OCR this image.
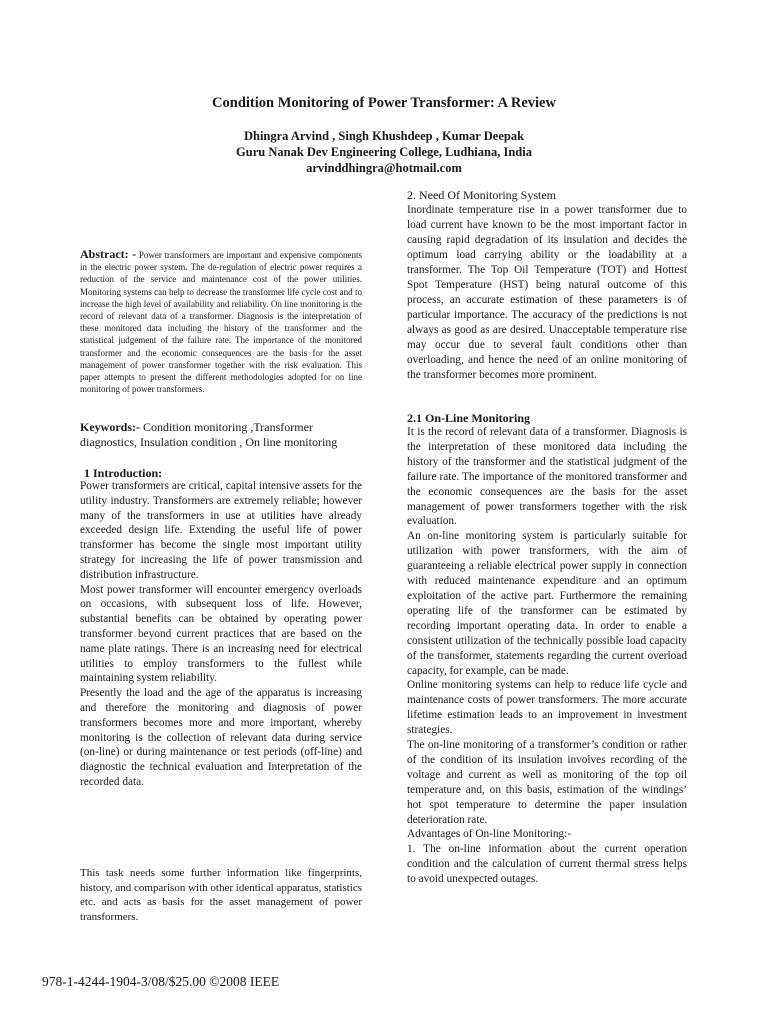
Condition Monitoring of Power Transformer: A Review
Dhingra Arvind , Singh Khushdeep , Kumar Deepak
Guru Nanak Dev Engineering College, Ludhiana, India
arvinddhingra@hotmail.com
Abstract: - Power transformers are important and expensive components in the electric power system. The de-regulation of electric power requires a reduction of the service and maintenance cost of the power utilities. Monitoring systems can help to decrease the transformer life cycle cost and to increase the high level of availability and reliability. On line monitoring is the record of relevant data of a transformer. Diagnosis is the interpretation of these monitored data including the history of the transformer and the statistical judgement of the failure rate. The importance of the monitored transformer and the economic consequences are the basis for the asset management of power transformer together with the risk evaluation. This paper attempts to present the different methodologies adopted for on line monitoring of power transformers.
Keywords:- Condition monitoring ,Transformer diagnostics, Insulation condition , On line monitoring
1 Introduction:

Power transformers are critical, capital intensive assets for the utility industry. Transformers are extremely reliable; however many of the transformers in use at utilities have already exceeded design life. Extending the useful life of power transformer has become the single most important utility strategy for increasing the life of power transmission and distribution infrastructure.

Most power transformer will encounter emergency overloads on occasions, with subsequent loss of life. However, substantial benefits can be obtained by operating power transformer beyond current practices that are based on the name plate ratings. There is an increasing need for electrical utilities to employ transformers to the fullest while maintaining system reliability.

Presently the load and the age of the apparatus is increasing and therefore the monitoring and diagnosis of power transformers becomes more and more important, whereby monitoring is the collection of relevant data during service (on-line) or during maintenance or test periods (off-line) and diagnostic the technical evaluation and Interpretation of the recorded data.

This task needs some further information like fingerprints, history, and comparison with other identical apparatus, statistics etc. and acts as basis for the asset management of power transformers.
2. Need Of Monitoring System
Inordinate temperature rise in a power transformer due to load current have known to be the most important factor in causing rapid degradation of its insulation and decides the optimum load carrying ability or the loadability at a transformer. The Top Oil Temperature (TOT) and Hottest Spot Temperature (HST) being natural outcome of this process, an accurate estimation of these parameters is of particular importance. The accuracy of the predictions is not always as good as are desired. Unacceptable temperature rise may occur due to several fault conditions other than overloading, and hence the need of an online monitoring of the transformer becomes more prominent.
2.1 On-Line Monitoring

It is the record of relevant data of a transformer. Diagnosis is the interpretation of these monitored data including the history of the transformer and the statistical judgment of the failure rate. The importance of the monitored transformer and the economic consequences are the basis for the asset management of power transformers together with the risk evaluation.

An on-line monitoring system is particularly suitable for utilization with power transformers, with the aim of guaranteeing a reliable electrical power supply in connection with reduced maintenance expenditure and an optimum exploitation of the active part. Furthermore the remaining operating life of the transformer can be estimated by recording important operating data. In order to enable a consistent utilization of the technically possible load capacity of the transformer, statements regarding the current overload capacity, for example, can be made.

Online monitoring systems can help to reduce life cycle and maintenance costs of power transformers. The more accurate lifetime estimation leads to an improvement in investment strategies.

The on-line monitoring of a transformer’s condition or rather of the condition of its insulation involves recording of the voltage and current as well as monitoring of the top oil temperature and, on this basis, estimation of the windings’ hot spot temperature to determine the paper insulation deterioration rate.

Advantages of On-line Monitoring:-

1. The on-line information about the current operation condition and the calculation of current thermal stress helps to avoid unexpected outages.

978-1-4244-1904-3/08/$25.00 ©2008 IEEE
